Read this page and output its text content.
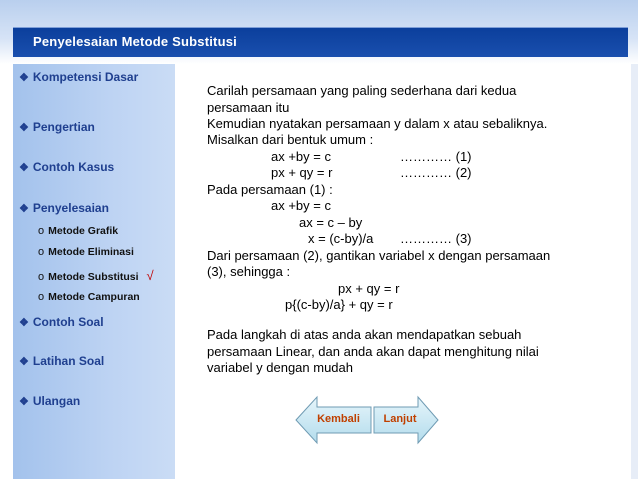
Penyelesaian Metode Substitusi
❖ Kompetensi Dasar
❖ Pengertian
❖ Contoh Kasus
❖ Penyelesaian
o Metode Grafik
o Metode Eliminasi
o Metode Substitusi √
o Metode Campuran
❖ Contoh Soal
❖ Latihan Soal
❖ Ulangan
Carilah persamaan yang paling sederhana dari kedua
persamaan itu
Kemudian nyatakan persamaan y dalam x atau sebaliknya.
Misalkan dari bentuk umum :
ax +by = c	………… (1)
px + qy = r	………… (2)
Pada persamaan (1) :
ax +by = c
ax = c – by
x = (c-by)/a ………… (3)
Dari persamaan (2), gantikan variabel x dengan persamaan
(3), sehingga :
px + qy = r
p{(c-by)/a} + qy = r
Pada langkah di atas anda akan mendapatkan sebuah
persamaan Linear, dan anda akan dapat menghitung nilai
variabel y dengan mudah
Kembali	Lanjut
